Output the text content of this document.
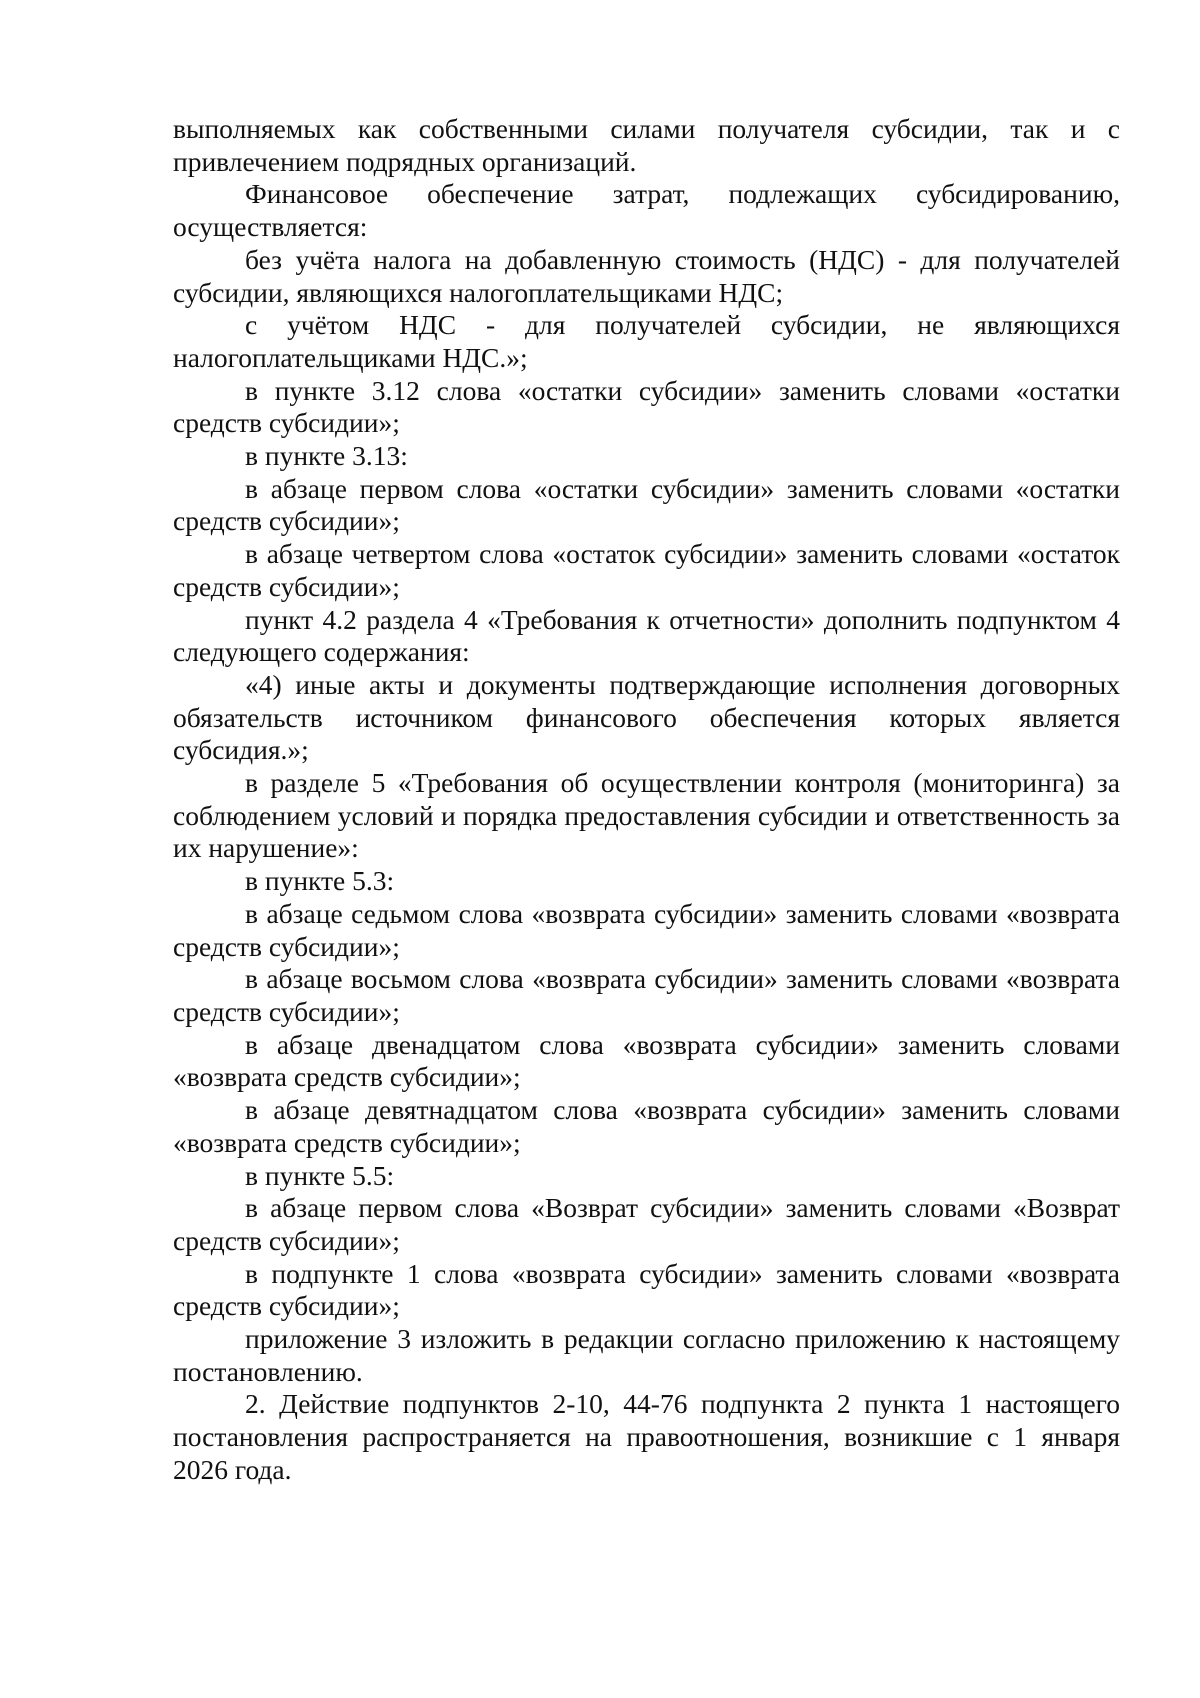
выполняемых как собственными силами получателя субсидии, так и с привлечением подрядных организаций.

Финансовое обеспечение затрат, подлежащих субсидированию, осуществляется:

без учёта налога на добавленную стоимость (НДС) - для получателей субсидии, являющихся налогоплательщиками НДС;

с учётом НДС - для получателей субсидии, не являющихся налогоплательщиками НДС.»;

в пункте 3.12 слова «остатки субсидии» заменить словами «остатки средств субсидии»;

в пункте 3.13:

в абзаце первом слова «остатки субсидии» заменить словами «остатки средств субсидии»;

в абзаце четвертом слова «остаток субсидии» заменить словами «остаток средств субсидии»;

пункт 4.2 раздела 4 «Требования к отчетности» дополнить подпунктом 4 следующего содержания:

«4) иные акты и документы подтверждающие исполнения договорных обязательств источником финансового обеспечения которых является субсидия.»;

в разделе 5 «Требования об осуществлении контроля (мониторинга) за соблюдением условий и порядка предоставления субсидии и ответственность за их нарушение»:

в пункте 5.3:

в абзаце седьмом слова «возврата субсидии» заменить словами «возврата средств субсидии»;

в абзаце восьмом слова «возврата субсидии» заменить словами «возврата средств субсидии»;

в абзаце двенадцатом слова «возврата субсидии» заменить словами «возврата средств субсидии»;

в абзаце девятнадцатом слова «возврата субсидии» заменить словами «возврата средств субсидии»;

в пункте 5.5:

в абзаце первом слова «Возврат субсидии» заменить словами «Возврат средств субсидии»;

в подпункте 1 слова «возврата субсидии» заменить словами «возврата средств субсидии»;

приложение 3 изложить в редакции согласно приложению к настоящему постановлению.

2. Действие подпунктов 2-10, 44-76 подпункта 2 пункта 1 настоящего постановления распространяется на правоотношения, возникшие с 1 января 2026 года.
